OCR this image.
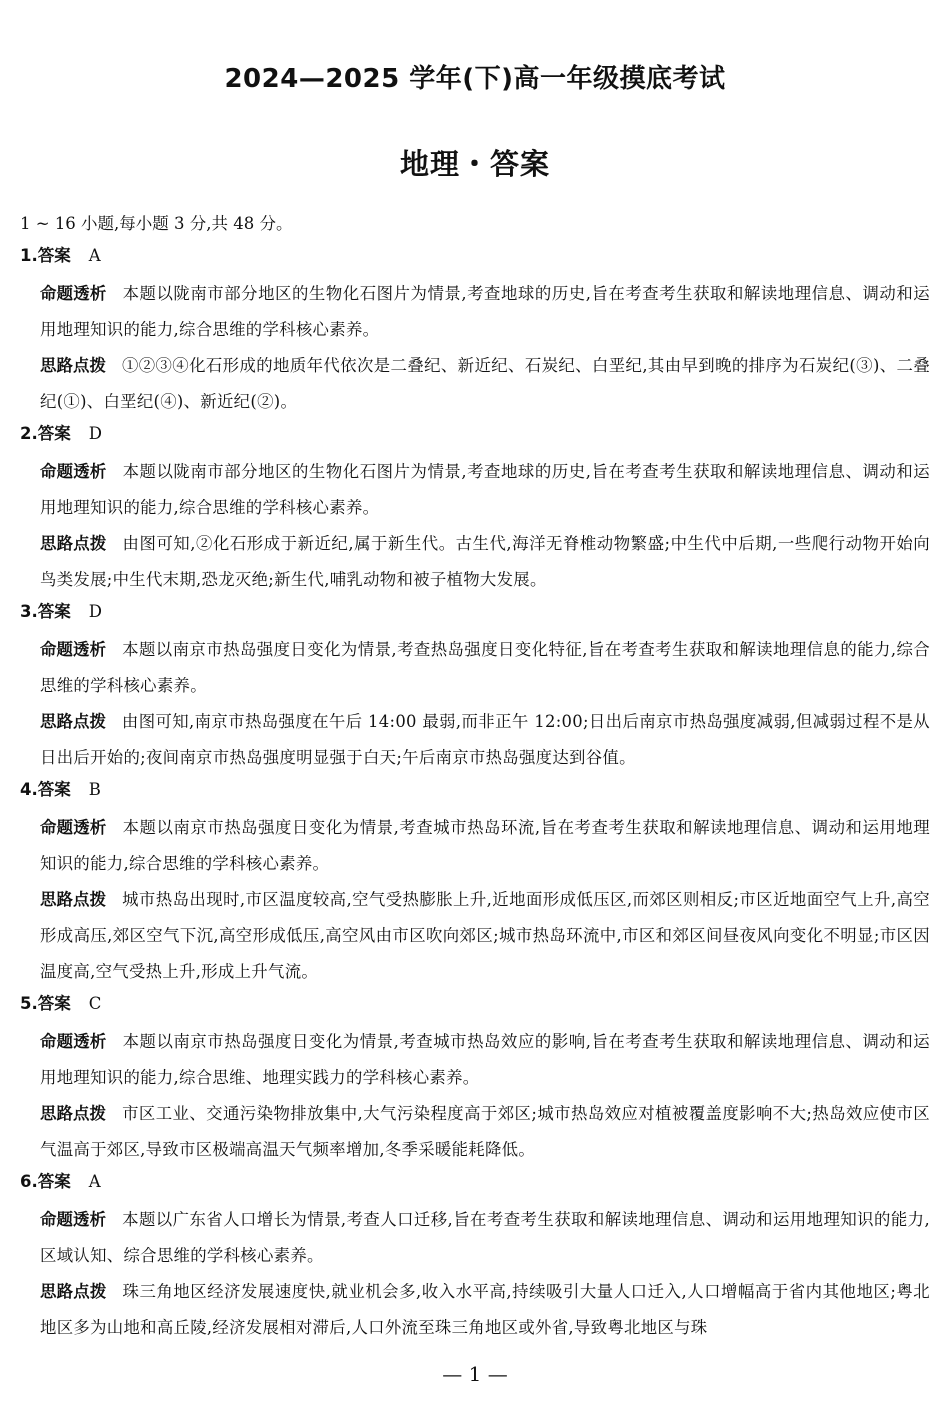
2024—2025 学年(下)高一年级摸底考试
地理・答案
1 ~ 16 小题,每小题 3 分,共 48 分。
1.答案 A
命题透析 本题以陇南市部分地区的生物化石图片为情景,考查地球的历史,旨在考查考生获取和解读地理信息、调动和运用地理知识的能力,综合思维的学科核心素养。
思路点拨 ①②③④化石形成的地质年代依次是二叠纪、新近纪、石炭纪、白垩纪,其由早到晚的排序为石炭纪(③)、二叠纪(①)、白垩纪(④)、新近纪(②)。
2.答案 D
命题透析 本题以陇南市部分地区的生物化石图片为情景,考查地球的历史,旨在考查考生获取和解读地理信息、调动和运用地理知识的能力,综合思维的学科核心素养。
思路点拨 由图可知,②化石形成于新近纪,属于新生代。古生代,海洋无脊椎动物繁盛;中生代中后期,一些爬行动物开始向鸟类发展;中生代末期,恐龙灭绝;新生代,哺乳动物和被子植物大发展。
3.答案 D
命题透析 本题以南京市热岛强度日变化为情景,考查热岛强度日变化特征,旨在考查考生获取和解读地理信息的能力,综合思维的学科核心素养。
思路点拨 由图可知,南京市热岛强度在午后 14:00 最弱,而非正午 12:00;日出后南京市热岛强度减弱,但减弱过程不是从日出后开始的;夜间南京市热岛强度明显强于白天;午后南京市热岛强度达到谷值。
4.答案 B
命题透析 本题以南京市热岛强度日变化为情景,考查城市热岛环流,旨在考查考生获取和解读地理信息、调动和运用地理知识的能力,综合思维的学科核心素养。
思路点拨 城市热岛出现时,市区温度较高,空气受热膨胀上升,近地面形成低压区,而郊区则相反;市区近地面空气上升,高空形成高压,郊区空气下沉,高空形成低压,高空风由市区吹向郊区;城市热岛环流中,市区和郊区间昼夜风向变化不明显;市区因温度高,空气受热上升,形成上升气流。
5.答案 C
命题透析 本题以南京市热岛强度日变化为情景,考查城市热岛效应的影响,旨在考查考生获取和解读地理信息、调动和运用地理知识的能力,综合思维、地理实践力的学科核心素养。
思路点拨 市区工业、交通污染物排放集中,大气污染程度高于郊区;城市热岛效应对植被覆盖度影响不大;热岛效应使市区气温高于郊区,导致市区极端高温天气频率增加,冬季采暖能耗降低。
6.答案 A
命题透析 本题以广东省人口增长为情景,考查人口迁移,旨在考查考生获取和解读地理信息、调动和运用地理知识的能力,区域认知、综合思维的学科核心素养。
思路点拨 珠三角地区经济发展速度快,就业机会多,收入水平高,持续吸引大量人口迁入,人口增幅高于省内其他地区;粤北地区多为山地和高丘陵,经济发展相对滞后,人口外流至珠三角地区或外省,导致粤北地区与珠
— 1 —
